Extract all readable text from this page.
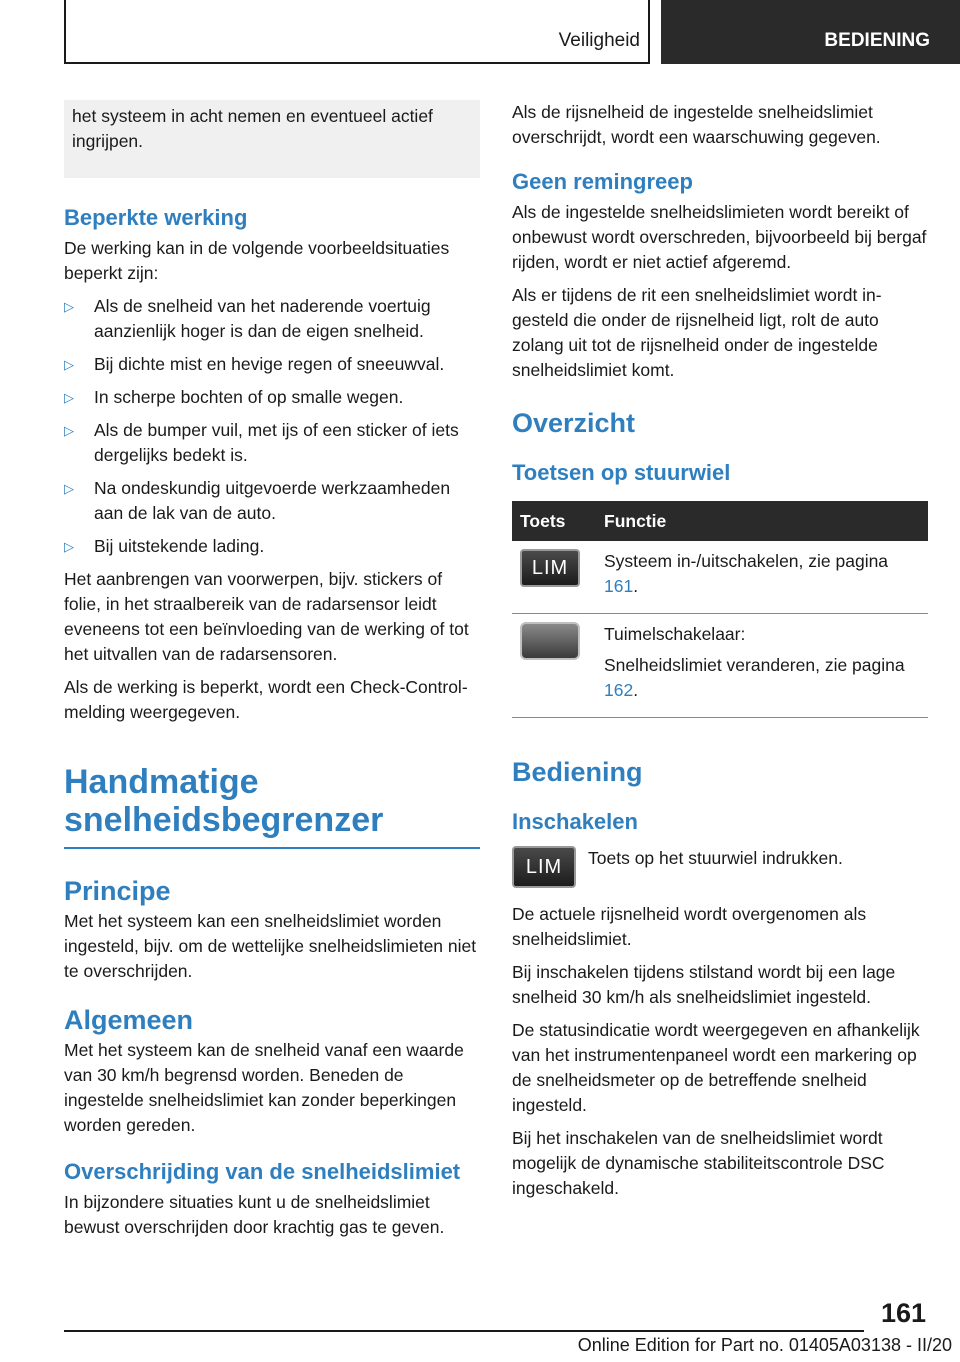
Veiligheid	BEDIENING

het systeem in acht nemen en eventueel actief ingrijpen.

Beperkte werking

De werking kan in de volgende voorbeeldsituaties beperkt zijn:

▷ Als de snelheid van het naderende voertuig aanzienlijk hoger is dan de eigen snelheid.
▷ Bij dichte mist en hevige regen of sneeuwval.
▷ In scherpe bochten of op smalle wegen.
▷ Als de bumper vuil, met ijs of een sticker of iets dergelijks bedekt is.
▷ Na ondeskundig uitgevoerde werkzaamheden aan de lak van de auto.
▷ Bij uitstekende lading.

Het aanbrengen van voorwerpen, bijv. stickers of folie, in het straalbereik van de radarsensor leidt eveneens tot een beïnvloeding van de werking of tot het uitvallen van de radarsensoren.

Als de werking is beperkt, wordt een Check-Control-melding weergegeven.

Handmatige
snelheidsbegrenzer
Principe

Met het systeem kan een snelheidslimiet worden ingesteld, bijv. om de wettelijke snelheidslimieten niet te overschrijden.

Algemeen

Met het systeem kan de snelheid vanaf een waarde van 30 km/h begrensd worden. Beneden de ingestelde snelheidslimiet kan zonder beperkingen worden gereden.

Overschrijding van de snelheidslimiet

In bijzondere situaties kunt u de snelheidslimiet bewust overschrijden door krachtig gas te geven.

Als de rijsnelheid de ingestelde snelheidslimiet overschrijdt, wordt een waarschuwing gegeven.

Geen remingreep

Als de ingestelde snelheidslimieten wordt bereikt of onbewust wordt overschreden, bijvoorbeeld bij bergaf rijden, wordt er niet actief afgeremd.

Als er tijdens de rit een snelheidslimiet wordt ingesteld die onder de rijsnelheid ligt, rolt de auto zolang uit tot de rijsnelheid onder de ingestelde snelheidslimiet komt.

Overzicht
Toetsen op stuurwiel
Toets	Functie

LIM	Systeem in-/uitschakelen, zie pagina 161.

	Tuimelschakelaar:

Snelheidslimiet veranderen, zie pagina 162.

Bediening
Inschakelen
LIM Toets op het stuurwiel indrukken.

De actuele rijsnelheid wordt overgenomen als snelheidslimiet.

Bij inschakelen tijdens stilstand wordt bij een lage snelheid 30 km/h als snelheidslimiet ingesteld.

De statusindicatie wordt weergegeven en afhankelijk van het instrumentenpaneel wordt een markering op de snelheidsmeter op de betreffende snelheid ingesteld.

Bij het inschakelen van de snelheidslimiet wordt mogelijk de dynamische stabiliteitscontrole DSC ingeschakeld.

161
Online Edition for Part no. 01405A03138 - II/20
